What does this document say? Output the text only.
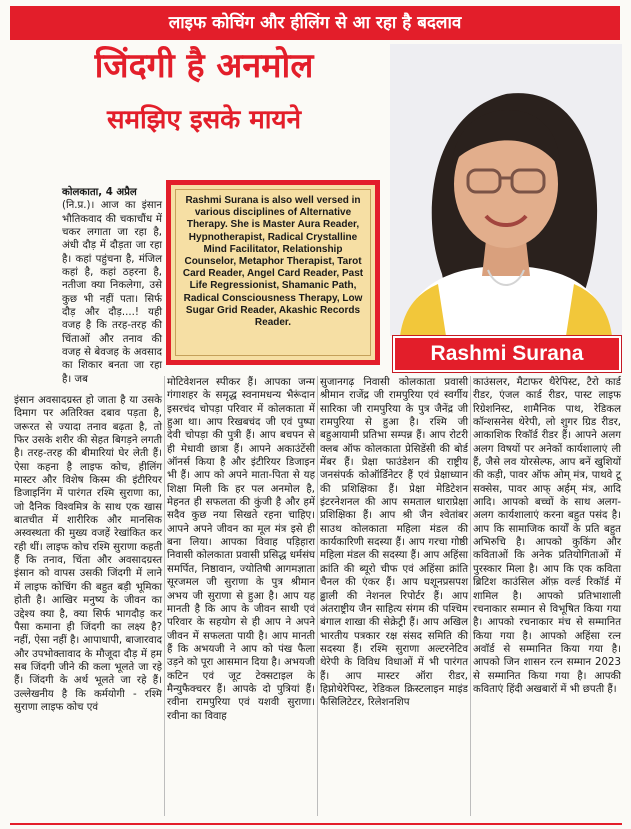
लाइफ कोचिंग और हीलिंग से आ रहा है बदलाव
जिंदगी है अनमोल
समझिए इसके मायने
Rashmi Surana

कोलकाता, 4 अप्रैल

(नि.प्र.)। आज का इंसान भौतिकवाद की चकाचौंध में चकर लगाता जा रहा है, अंधी दौड़ में दौड़ता जा रहा है। कहां पहुंचना है, मंजिल कहां है, कहां ठहरना है, नतीजा क्या निकलेगा, उसे कुछ भी नहीं पता। सिर्फ दौड़ और दौड़....! यही वजह है कि तरह-तरह की चिंताओं और तनाव की वजह से बेवजह के अवसाद का शिकार बनता जा रहा है। जब

Rashmi Surana is also well versed in various disciplines of Alternative Therapy. She is Master Aura Reader, Hypnotherapist, Radical Crystalline Mind Facilitator, Relationship Counselor, Metaphor Therapist, Tarot Card Reader, Angel Card Reader, Past Life Regressionist, Shamanic Path, Radical Consciousness Therapy, Low Sugar Grid Reader, Akashic Records Reader.

इंसान अवसादग्रस्त हो जाता है या उसके दिमाग पर अतिरिक्त दबाव पड़ता है, जरूरत से ज्यादा तनाव बढ़ता है, तो फिर उसके शरीर की सेहत बिगड़ने लगती है। तरह-तरह की बीमारियां घेर लेती हैं। ऐसा कहना है लाइफ कोच, हीलिंग मास्टर और विशेष किस्म की इंटीरियर डिजाइनिंग में पारंगत रश्मि सुराणा का, जो दैनिक विश्वमित्र के साथ एक खास बातचीत में शारीरिक और मानसिक अस्वस्थता की मुख्य वजहें रेखांकित कर रही थीं। लाइफ कोच रश्मि सुराणा कहती हैं कि तनाव, चिंता और अवसादग्रस्त इंसान को वापस उसकी जिंदगी में लाने में लाइफ कोचिंग की बहुत बड़ी भूमिका होती है। आखिर मनुष्य के जीवन का उद्देश्य क्या है, क्या सिर्फ भागदौड़ कर पैसा कमाना ही जिंदगी का लक्ष्य है? नहीं, ऐसा नहीं है। आपाधापी, बाजारवाद और उपभोक्तावाद के मौजूदा दौड़ में हम सब जिंदगी जीने की कला भूलते जा रहे हैं। जिंदगी के अर्थ भूलते जा रहे हैं। उल्लेखनीय है कि कर्मयोगी - रश्मि सुराणा लाइफ कोच एवं

मोटिवेशनल स्पीकर हैं। आपका जन्म गंगाशहर के समृद्ध स्वनामधन्य भैरूंदान इसरचंद चोपड़ा परिवार में कोलकाता में हुआ था। आप रिखबचंद जी एवं पुष्पा देवी चोपड़ा की पुत्री हैं। आप बचपन से ही मेधावी छात्रा हैं। आपने अकाउंटेंसी ऑनर्स किया है और इंटीरियर डिजाइन भी हैं। आप को अपने माता-पिता से यह शिक्षा मिली कि हर पल अनमोल है, मेहनत ही सफलता की कुंजी है और हमें सदैव कुछ नया सिखते रहना चाहिए। आपने अपने जीवन का मूल मंत्र इसे ही बना लिया। आपका विवाह पड़िहारा निवासी कोलकाता प्रवासी प्रसिद्ध धर्मसंघ समर्पित, निष्ठावान, ज्योतिषी आगमज्ञाता सूरजमल जी सुराणा के पुत्र श्रीमान अभय जी सुराणा से हुआ है। आप यह मानती है कि आप के जीवन साथी एवं परिवार के सहयोग से ही आप ने अपने जीवन में सफलता पायी है। आप मानती हैं कि अभयजी ने आप को पंख फैला उड़ने को पूरा आसमान दिया है। अभयजी कटिन एवं जूट टेक्सटाइल के मैन्युफैक्चरर हैं। आपके दो पुत्रियां हैं। रवीना रामपुरिया एवं यशवी सुराणा। रवीना का विवाह

सुजानगढ़ निवासी कोलकाता प्रवासी श्रीमान राजेंद्र जी रामपुरिया एवं स्वर्गीय सारिका जी रामपुरिया के पुत्र जैनेंद्र जी रामपुरिया से हुआ है। रश्मि जी बहुआयामी प्रतिभा सम्पन्न हैं। आप रोटरी क्लब ऑफ कोलकाता प्रेसिडेंसी की बोर्ड मेंबर हैं। प्रेक्षा फाउंडेशन की राष्ट्रीय जनसंपर्क कोऑर्डिनेटर हैं एवं प्रेक्षाध्यान की प्रशिक्षिका हैं। प्रेक्षा मेडिटेशन इंटरनेशनल की आप समताल धाराप्रेक्षा प्रशिक्षिका हैं। आप श्री जैन श्वेतांबर साउथ कोलकाता महिला मंडल की कार्यकारिणी सदस्या हैं। आप गरचा गोष्ठी महिला मंडल की सदस्या हैं। आप अहिंसा क्रांति की ब्यूरो चीफ एवं अहिंसा क्रांति चैनल की एंकर हैं। आप घशूनप्रसपश ढ्ढाली की नेशनल रिपोर्टर हैं। आप अंतराष्ट्रीय जैन साहित्य संगम की पश्चिम बंगाल शाखा की सेक्रेट्री हैं। आप अखिल भारतीय पत्रकार रक्ष संसद समिति की सदस्या हैं। रश्मि सुराणा अल्टरनेटिव थेरेपी के विविध विधाओं में भी पारंगत हैं। आप मास्टर ऑरा रीडर, हिप्नोथेरेपिस्ट, रेडिकल क्रिस्टलाइन माइंड फैसिलिटेटर, रिलेशनशिप

काउंसलर, मैटाफर थैरेपिस्ट, टैरो कार्ड रीडर, एंजल कार्ड रीडर, पास्ट लाइफ रिग्रेशनिस्ट, शामैनिक पाथ, रेडिकल कॉन्शसनेस थेरेपी, लो शुगर ग्रिड रीडर, आकाशिक रिकॉर्ड रीडर हैं। आपने अलग अलग विषयों पर अनेकों कार्यशालाएं ली हैं, जैसे लव योरसेल्फ, आप बनें खुशियों की कड़ी, पावर ऑफ ओम् मंत्र, पाथवे टू सक्सेस, पावर आफ् अर्हम् मंत्र, आदि आदि। आपको बच्चों के साथ अलग-अलग कार्यशालाएं करना बहुत पसंद है। आप कि सामाजिक कार्यों के प्रति बहुत अभिरुचि है। आपको कुकिंग और कविताओं कि अनेक प्रतियोगिताओं में पुरस्कार मिला है। आप कि एक कविता ब्रिटिश काउंसिल ऑफ़ वर्ल्ड रिकॉर्ड में शामिल है। आपको प्रतिभाशाली रचनाकार सम्मान से विभूषित किया गया है। आपको रचनाकार मंच से सम्मानित किया गया है। आपको अहिंसा रत्न अवॉर्ड से सम्मानित किया गया है। आपको जिन शासन रत्न सम्मान 2023 से सम्मानित किया गया है। आपकी कविताएं हिंदी अखबारों में भी छपती हैं।
